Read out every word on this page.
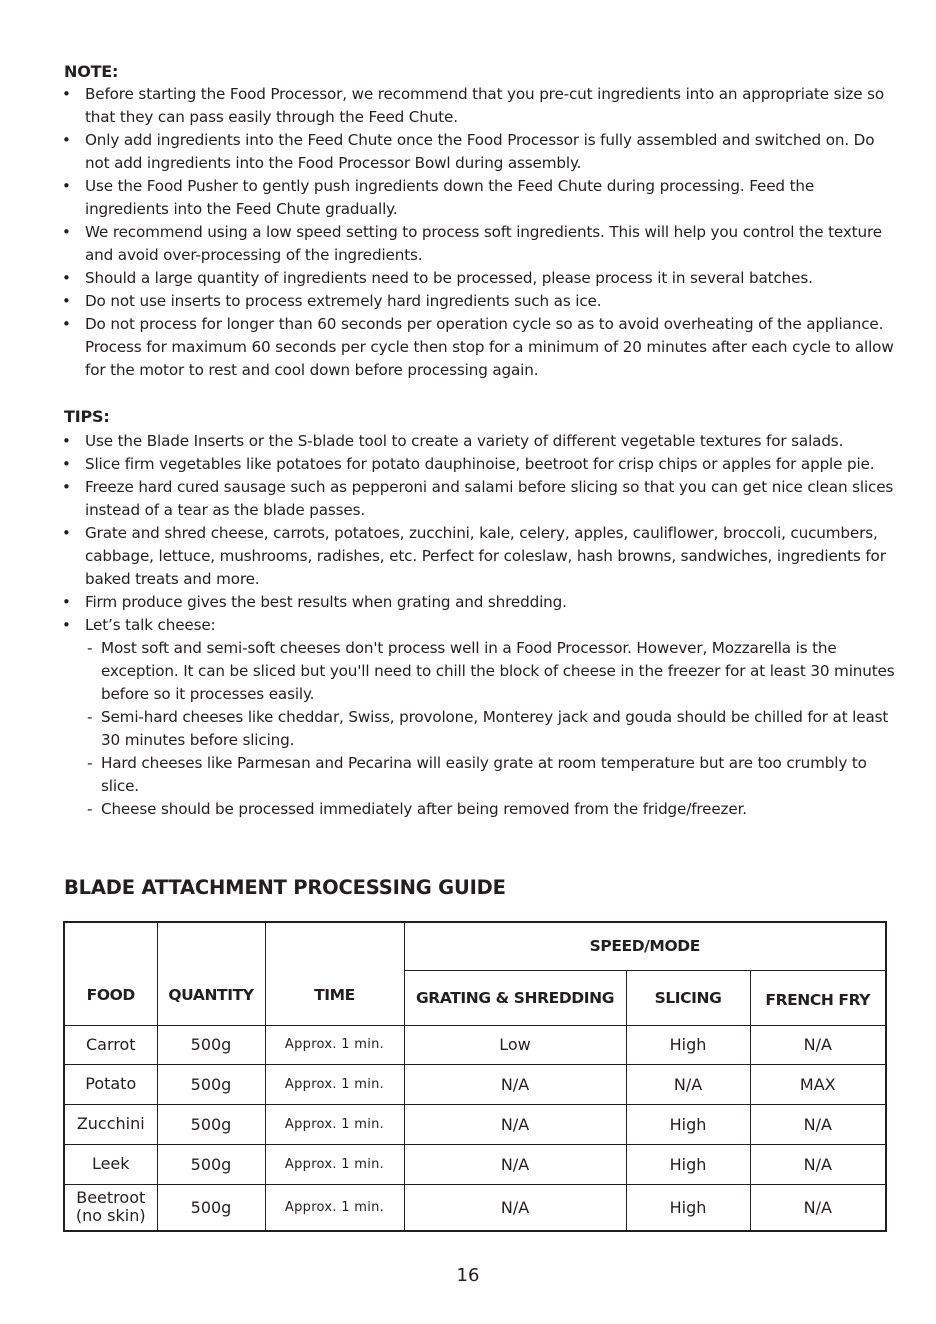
NOTE:
• Before starting the Food Processor, we recommend that you pre-cut ingredients into an appropriate size so that they can pass easily through the Feed Chute.
• Only add ingredients into the Feed Chute once the Food Processor is fully assembled and switched on. Do not add ingredients into the Food Processor Bowl during assembly.
• Use the Food Pusher to gently push ingredients down the Feed Chute during processing. Feed the ingredients into the Feed Chute gradually.
• We recommend using a low speed setting to process soft ingredients. This will help you control the texture and avoid over-processing of the ingredients.
• Should a large quantity of ingredients need to be processed, please process it in several batches.
• Do not use inserts to process extremely hard ingredients such as ice.
• Do not process for longer than 60 seconds per operation cycle so as to avoid overheating of the appliance. Process for maximum 60 seconds per cycle then stop for a minimum of 20 minutes after each cycle to allow for the motor to rest and cool down before processing again.
TIPS:
• Use the Blade Inserts or the S-blade tool to create a variety of different vegetable textures for salads.
• Slice firm vegetables like potatoes for potato dauphinoise, beetroot for crisp chips or apples for apple pie.
• Freeze hard cured sausage such as pepperoni and salami before slicing so that you can get nice clean slices instead of a tear as the blade passes.
• Grate and shred cheese, carrots, potatoes, zucchini, kale, celery, apples, cauliflower, broccoli, cucumbers, cabbage, lettuce, mushrooms, radishes, etc. Perfect for coleslaw, hash browns, sandwiches, ingredients for baked treats and more.
• Firm produce gives the best results when grating and shredding.
• Let’s talk cheese:
- Most soft and semi-soft cheeses don't process well in a Food Processor. However, Mozzarella is the exception. It can be sliced but you'll need to chill the block of cheese in the freezer for at least 30 minutes before so it processes easily.
- Semi-hard cheeses like cheddar, Swiss, provolone, Monterey jack and gouda should be chilled for at least 30 minutes before slicing.
- Hard cheeses like Parmesan and Pecarina will easily grate at room temperature but are too crumbly to slice.
- Cheese should be processed immediately after being removed from the fridge/freezer.
BLADE ATTACHMENT PROCESSING GUIDE
FOOD	QUANTITY	TIME	SPEED/MODE		
			GRATING & SHREDDING	SLICING	FRENCH FRY
Carrot	500g	Approx. 1 min.	Low	High	N/A
Potato	500g	Approx. 1 min.	N/A	N/A	MAX
Zucchini	500g	Approx. 1 min.	N/A	High	N/A
Leek	500g	Approx. 1 min.	N/A	High	N/A

Beetroot
(no skin)	500g	Approx. 1 min.	N/A	High	N/A
16
